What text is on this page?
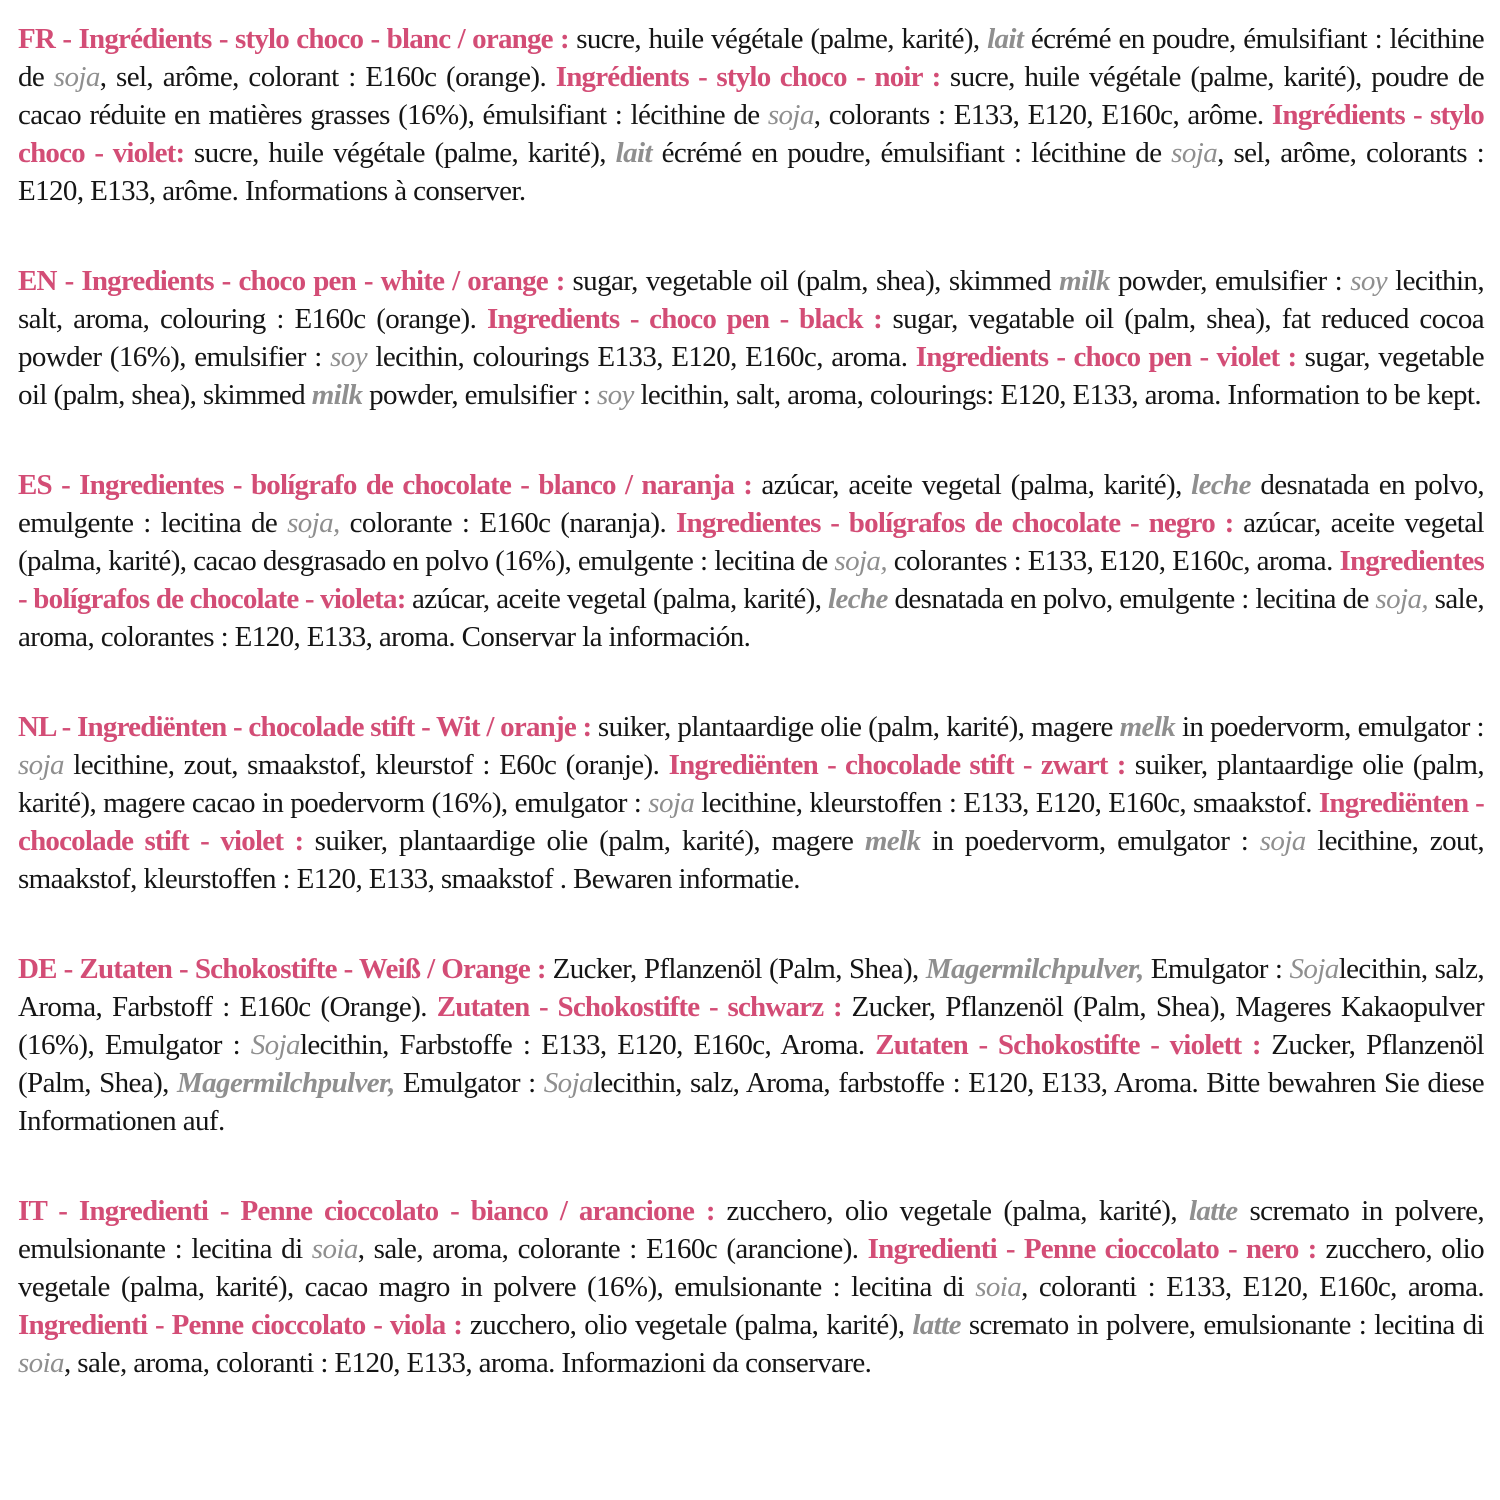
FR - Ingrédients - stylo choco - blanc / orange : sucre, huile végétale (palme, karité), lait écrémé en poudre, émulsifiant : lécithine de soja, sel, arôme, colorant : E160c (orange). Ingrédients - stylo choco - noir : sucre, huile végétale (palme, karité), poudre de cacao réduite en matières grasses (16%), émulsifiant : lécithine de soja, colorants : E133, E120, E160c, arôme. Ingrédients - stylo choco - violet: sucre, huile végétale (palme, karité), lait écrémé en poudre, émulsifiant : lécithine de soja, sel, arôme, colorants : E120, E133, arôme. Informations à conserver.

EN - Ingredients - choco pen - white / orange : sugar, vegetable oil (palm, shea), skimmed milk powder, emulsifier : soy lecithin, salt, aroma, colouring : E160c (orange). Ingredients - choco pen - black : sugar, vegatable oil (palm, shea), fat reduced cocoa powder (16%), emulsifier : soy lecithin, colourings E133, E120, E160c, aroma. Ingredients - choco pen - violet : sugar, vegetable oil (palm, shea), skimmed milk powder, emulsifier : soy lecithin, salt, aroma, colourings: E120, E133, aroma. Information to be kept.

ES - Ingredientes - bolígrafo de chocolate - blanco / naranja : azúcar, aceite vegetal (palma, karité), leche desnatada en polvo, emulgente : lecitina de soja, colorante : E160c (naranja). Ingredientes - bolígrafos de chocolate - negro : azúcar, aceite vegetal (palma, karité), cacao desgrasado en polvo (16%), emulgente : lecitina de soja, colorantes : E133, E120, E160c, aroma. Ingredientes - bolígrafos de chocolate - violeta: azúcar, aceite vegetal (palma, karité), leche desnatada en polvo, emulgente : lecitina de soja, sale, aroma, colorantes : E120, E133, aroma. Conservar la información.

NL - Ingrediënten - chocolade stift - Wit / oranje : suiker, plantaardige olie (palm, karité), magere melk in poedervorm, emulgator : soja lecithine, zout, smaakstof, kleurstof : E60c (oranje). Ingrediënten - chocolade stift - zwart : suiker, plantaardige olie (palm, karité), magere cacao in poedervorm (16%), emulgator : soja lecithine, kleurstoffen : E133, E120, E160c, smaakstof. Ingrediënten - chocolade stift - violet : suiker, plantaardige olie (palm, karité), magere melk in poedervorm, emulgator : soja lecithine, zout, smaakstof, kleurstoffen : E120, E133, smaakstof . Bewaren informatie.

DE - Zutaten - Schokostifte - Weiß / Orange : Zucker, Pflanzenöl (Palm, Shea), Magermilchpulver, Emulgator : Sojalecithin, salz, Aroma, Farbstoff : E160c (Orange). Zutaten - Schokostifte - schwarz : Zucker, Pflanzenöl (Palm, Shea), Mageres Kakaopulver (16%), Emulgator : Sojalecithin, Farbstoffe : E133, E120, E160c, Aroma. Zutaten - Schokostifte - violett : Zucker, Pflanzenöl (Palm, Shea), Magermilchpulver, Emulgator : Sojalecithin, salz, Aroma, farbstoffe : E120, E133, Aroma. Bitte bewahren Sie diese Informationen auf.

IT - Ingredienti - Penne cioccolato - bianco / arancione : zucchero, olio vegetale (palma, karité), latte scremato in polvere, emulsionante : lecitina di soia, sale, aroma, colorante : E160c (arancione). Ingredienti - Penne cioccolato - nero : zucchero, olio vegetale (palma, karité), cacao magro in polvere (16%), emulsionante : lecitina di soia, coloranti : E133, E120, E160c, aroma. Ingredienti - Penne cioccolato - viola : zucchero, olio vegetale (palma, karité), latte scremato in polvere, emulsionante : lecitina di soia, sale, aroma, coloranti : E120, E133, aroma. Informazioni da conservare.
